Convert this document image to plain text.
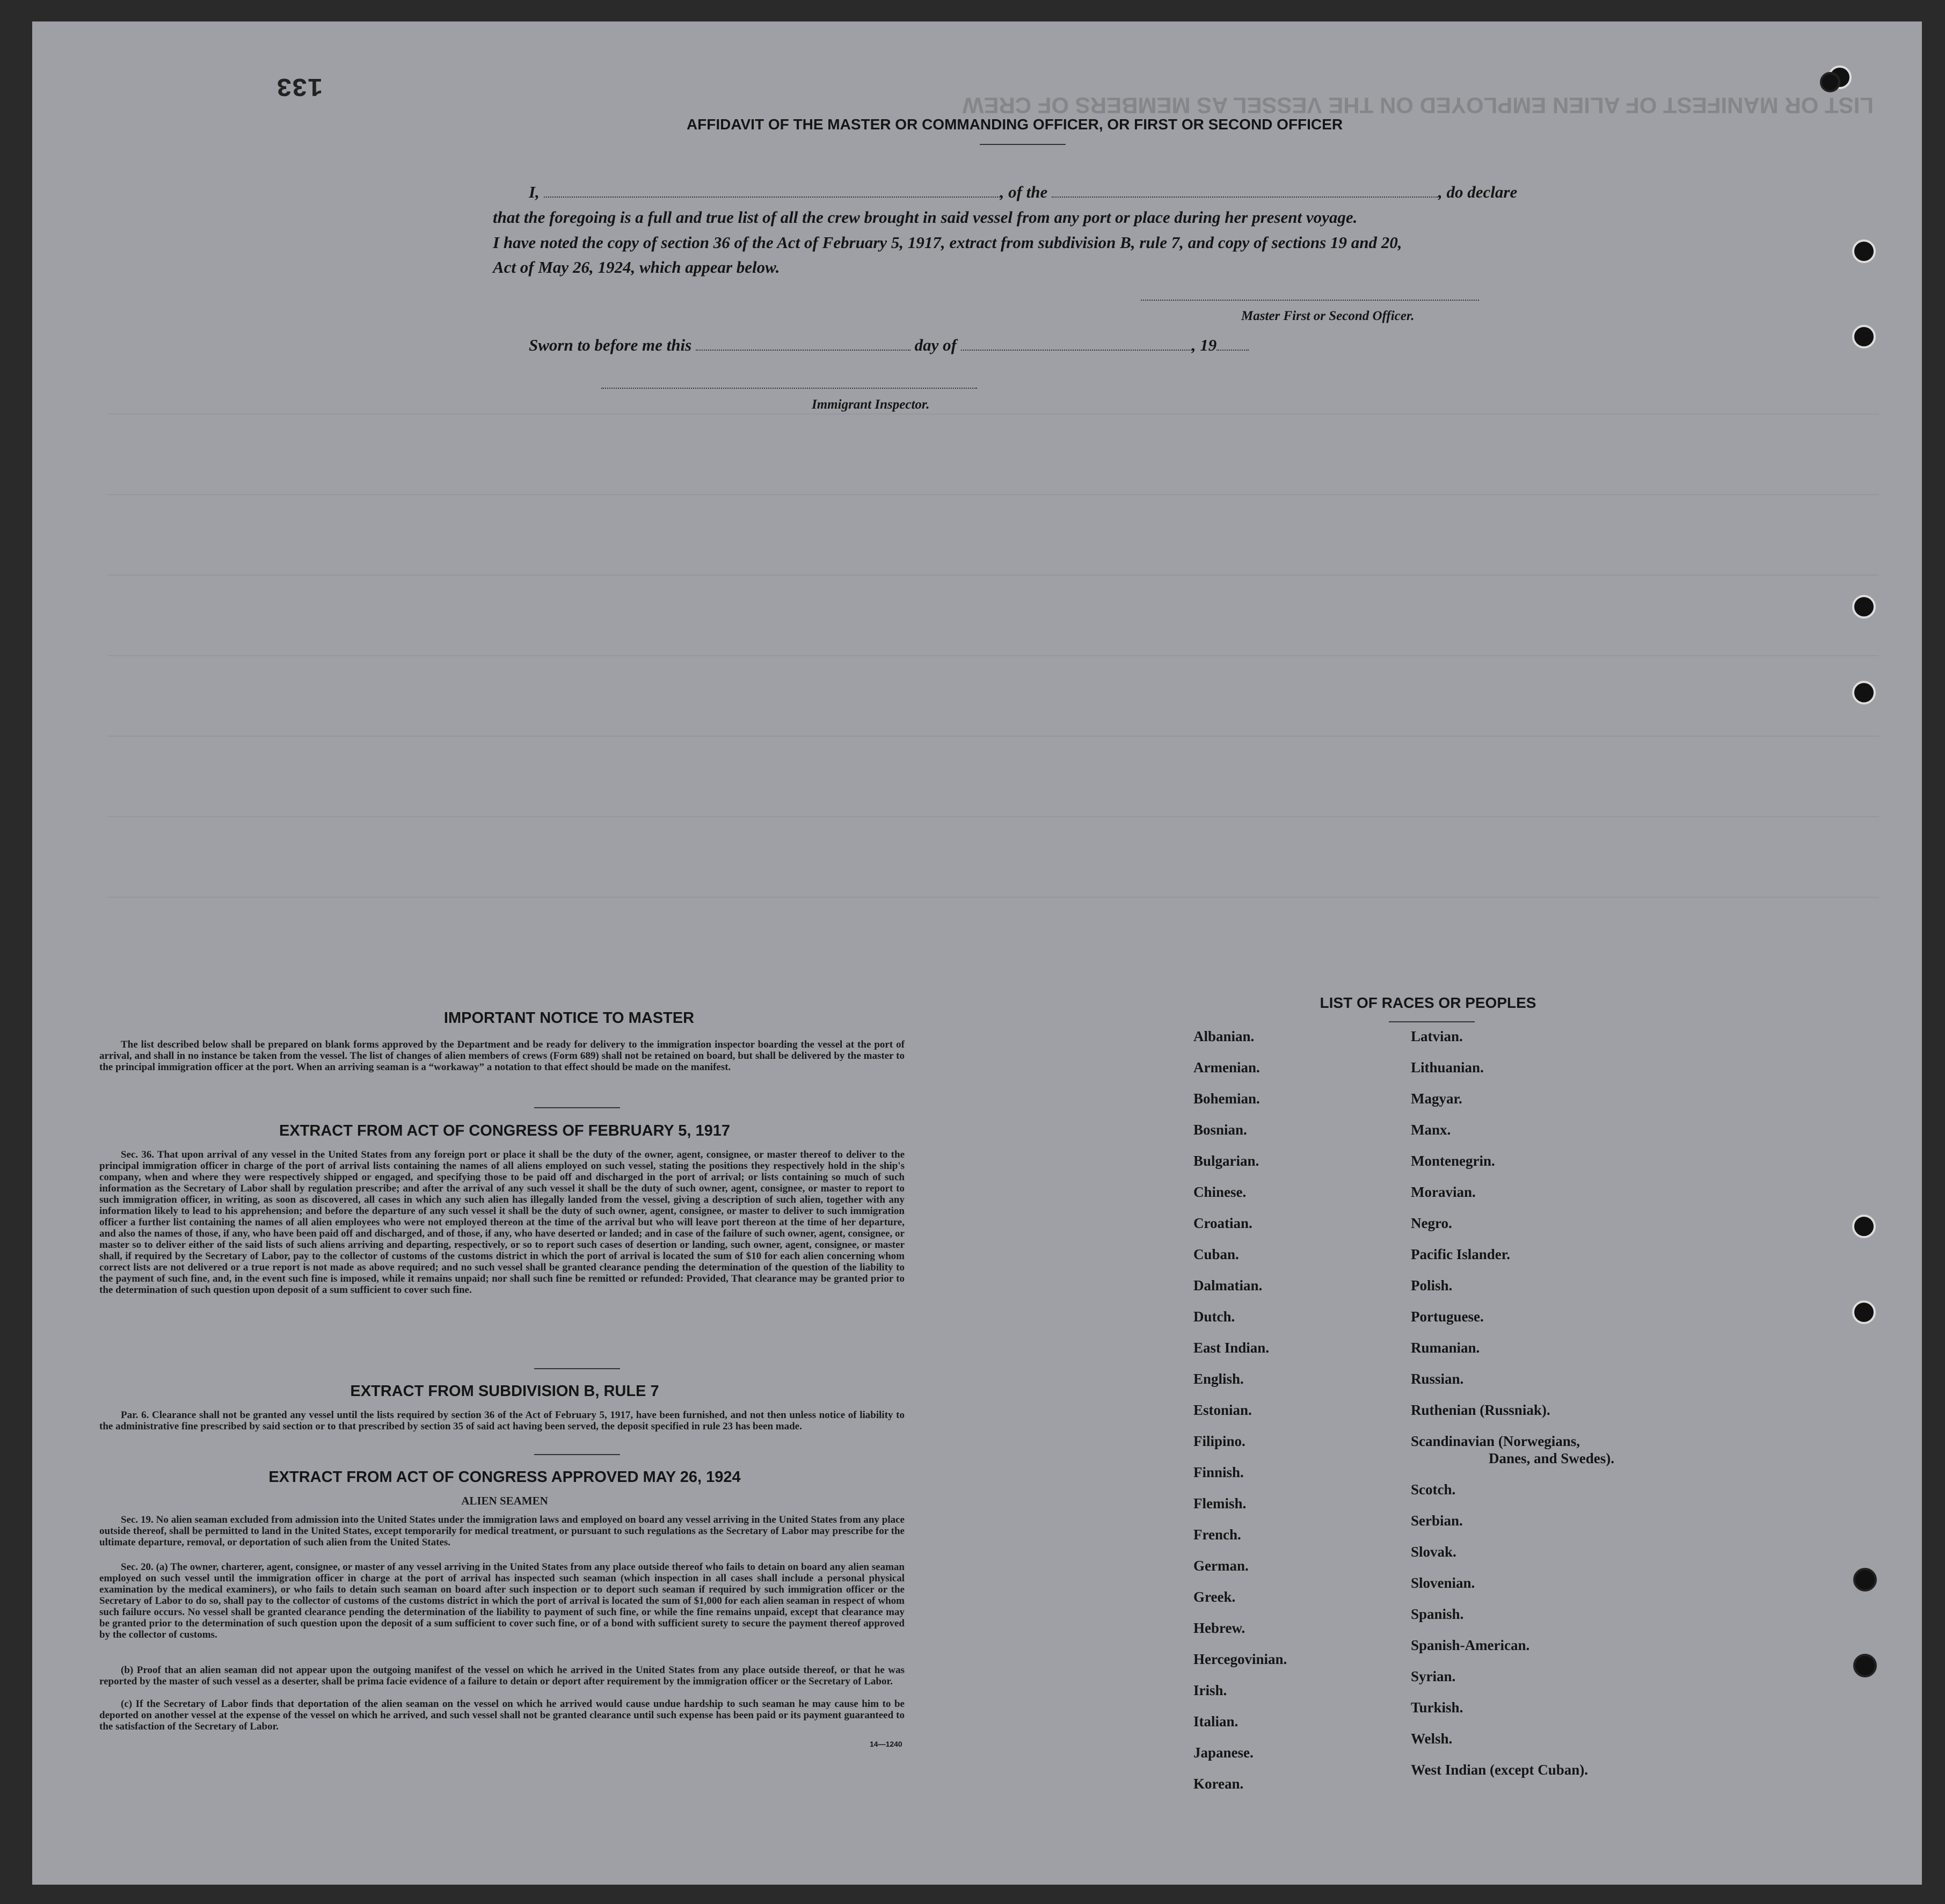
133
LIST OR MANIFEST OF ALIEN EMPLOYED ON THE VESSEL AS MEMBERS OF CREW
AFFIDAVIT OF THE MASTER OR COMMANDING OFFICER, OR FIRST OR SECOND OFFICER
I,	, of the	, do declare
that the foregoing is a full and true list of all the crew brought in said vessel from any port or place during her present voyage.
I have noted the copy of section 36 of the Act of February 5, 1917, extract from subdivision B, rule 7, and copy of sections 19 and 20,
Act of May 26, 1924, which appear below.
Master First or Second Officer.
Sworn to before me this	day of	, 19
Immigrant Inspector.
IMPORTANT NOTICE TO MASTER
The list described below shall be prepared on blank forms approved by the Department and be ready for delivery to the immigration inspector boarding the vessel at the port of arrival, and shall in no instance be taken from the vessel. The list of changes of alien members of crews (Form 689) shall not be retained on board, but shall be delivered by the master to the principal immigration officer at the port. When an arriving seaman is a “workaway” a notation to that effect should be made on the manifest.
EXTRACT FROM ACT OF CONGRESS OF FEBRUARY 5, 1917
Sec. 36. That upon arrival of any vessel in the United States from any foreign port or place it shall be the duty of the owner, agent, consignee, or master thereof to deliver to the principal immigration officer in charge of the port of arrival lists containing the names of all aliens employed on such vessel, stating the positions they respectively hold in the ship's company, when and where they were respectively shipped or engaged, and specifying those to be paid off and discharged in the port of arrival; or lists containing so much of such information as the Secretary of Labor shall by regulation prescribe; and after the arrival of any such vessel it shall be the duty of such owner, agent, consignee, or master to report to such immigration officer, in writing, as soon as discovered, all cases in which any such alien has illegally landed from the vessel, giving a description of such alien, together with any information likely to lead to his apprehension; and before the departure of any such vessel it shall be the duty of such owner, agent, consignee, or master to deliver to such immigration officer a further list containing the names of all alien employees who were not employed thereon at the time of the arrival but who will leave port thereon at the time of her departure, and also the names of those, if any, who have been paid off and discharged, and of those, if any, who have deserted or landed; and in case of the failure of such owner, agent, consignee, or master so to deliver either of the said lists of such aliens arriving and departing, respectively, or so to report such cases of desertion or landing, such owner, agent, consignee, or master shall, if required by the Secretary of Labor, pay to the collector of customs of the customs district in which the port of arrival is located the sum of $10 for each alien concerning whom correct lists are not delivered or a true report is not made as above required; and no such vessel shall be granted clearance pending the determination of the question of the liability to the payment of such fine, and, in the event such fine is imposed, while it remains unpaid; nor shall such fine be remitted or refunded: Provided, That clearance may be granted prior to the determination of such question upon deposit of a sum sufficient to cover such fine.
EXTRACT FROM SUBDIVISION B, RULE 7
Par. 6. Clearance shall not be granted any vessel until the lists required by section 36 of the Act of February 5, 1917, have been furnished, and not then unless notice of liability to the administrative fine prescribed by said section or to that prescribed by section 35 of said act having been served, the deposit specified in rule 23 has been made.
EXTRACT FROM ACT OF CONGRESS APPROVED MAY 26, 1924
ALIEN SEAMEN
Sec. 19. No alien seaman excluded from admission into the United States under the immigration laws and employed on board any vessel arriving in the United States from any place outside thereof, shall be permitted to land in the United States, except temporarily for medical treatment, or pursuant to such regulations as the Secretary of Labor may prescribe for the ultimate departure, removal, or deportation of such alien from the United States.
Sec. 20. (a) The owner, charterer, agent, consignee, or master of any vessel arriving in the United States from any place outside thereof who fails to detain on board any alien seaman employed on such vessel until the immigration officer in charge at the port of arrival has inspected such seaman (which inspection in all cases shall include a personal physical examination by the medical examiners), or who fails to detain such seaman on board after such inspection or to deport such seaman if required by such immigration officer or the Secretary of Labor to do so, shall pay to the collector of customs of the customs district in which the port of arrival is located the sum of $1,000 for each alien seaman in respect of whom such failure occurs. No vessel shall be granted clearance pending the determination of the liability to payment of such fine, or while the fine remains unpaid, except that clearance may be granted prior to the determination of such question upon the deposit of a sum sufficient to cover such fine, or of a bond with sufficient surety to secure the payment thereof approved by the collector of customs.
(b) Proof that an alien seaman did not appear upon the outgoing manifest of the vessel on which he arrived in the United States from any place outside thereof, or that he was reported by the master of such vessel as a deserter, shall be prima facie evidence of a failure to detain or deport after requirement by the immigration officer or the Secretary of Labor.
(c) If the Secretary of Labor finds that deportation of the alien seaman on the vessel on which he arrived would cause undue hardship to such seaman he may cause him to be deported on another vessel at the expense of the vessel on which he arrived, and such vessel shall not be granted clearance until such expense has been paid or its payment guaranteed to the satisfaction of the Secretary of Labor.
14—1240
LIST OF RACES OR PEOPLES
Albanian.
Armenian.
Bohemian.
Bosnian.
Bulgarian.
Chinese.
Croatian.
Cuban.
Dalmatian.
Dutch.
East Indian.
English.
Estonian.
Filipino.
Finnish.
Flemish.
French.
German.
Greek.
Hebrew.
Hercegovinian.
Irish.
Italian.
Japanese.
Korean.
Latvian.
Lithuanian.
Magyar.
Manx.
Montenegrin.
Moravian.
Negro.
Pacific Islander.
Polish.
Portuguese.
Rumanian.
Russian.
Ruthenian (Russniak).
Scandinavian (Norwegians,
Scotch.
Serbian.
Slovak.
Slovenian.
Spanish.
Spanish-American.
Syrian.
Turkish.
Welsh.
West Indian (except Cuban).
Danes, and Swedes).
